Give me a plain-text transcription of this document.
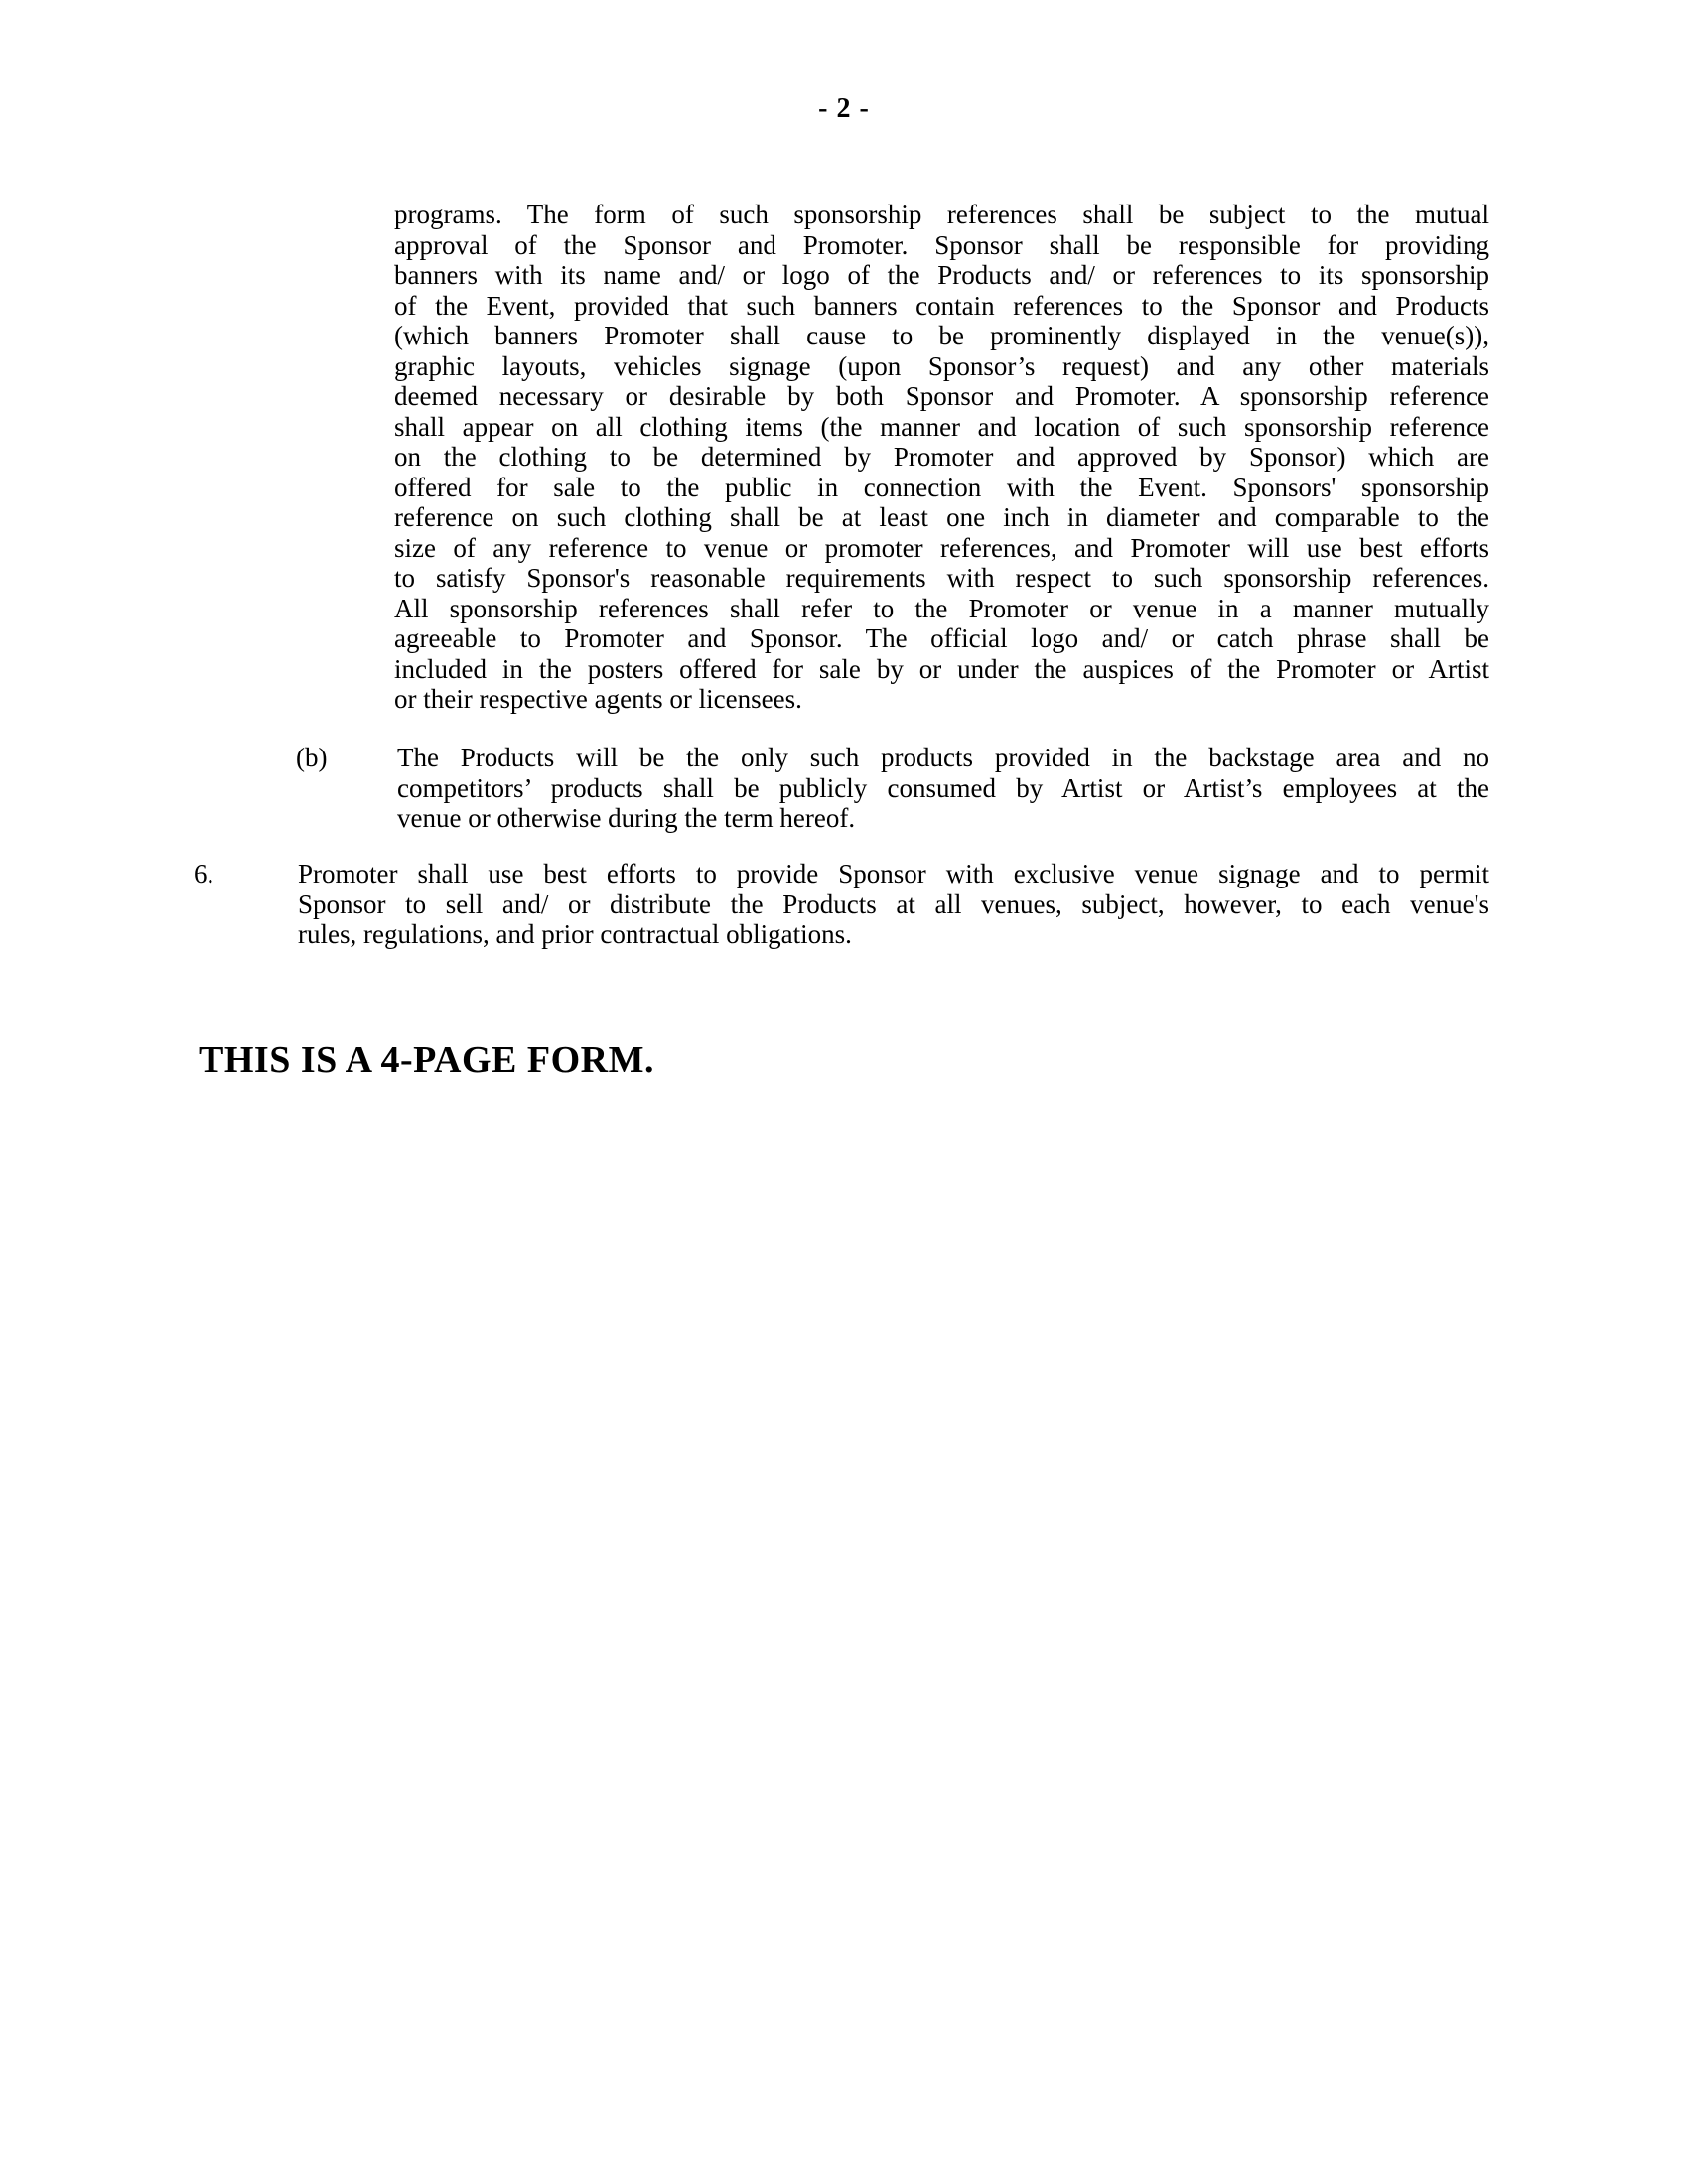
- 2 -
programs. The form of such sponsorship references shall be subject to the mutual
approval of the Sponsor and Promoter. Sponsor shall be responsible for providing
banners with its name and/ or logo of the Products and/ or references to its sponsorship
of the Event, provided that such banners contain references to the Sponsor and Products
(which banners Promoter shall cause to be prominently displayed in the venue(s)),
graphic layouts, vehicles signage (upon Sponsor’s request) and any other materials
deemed necessary or desirable by both Sponsor and Promoter. A sponsorship reference
shall appear on all clothing items (the manner and location of such sponsorship reference
on the clothing to be determined by Promoter and approved by Sponsor) which are
offered for sale to the public in connection with the Event. Sponsors' sponsorship
reference on such clothing shall be at least one inch in diameter and comparable to the
size of any reference to venue or promoter references, and Promoter will use best efforts
to satisfy Sponsor's reasonable requirements with respect to such sponsorship references.
All sponsorship references shall refer to the Promoter or venue in a manner mutually
agreeable to Promoter and Sponsor. The official logo and/ or catch phrase shall be
included in the posters offered for sale by or under the auspices of the Promoter or Artist
or their respective agents or licensees.
(b)	The Products will be the only such products provided in the backstage area and no
competitors’ products shall be publicly consumed by Artist or Artist’s employees at the
venue or otherwise during the term hereof.
6.	Promoter shall use best efforts to provide Sponsor with exclusive venue signage and to permit
Sponsor to sell and/ or distribute the Products at all venues, subject, however, to each venue's
rules, regulations, and prior contractual obligations.
THIS IS A 4-PAGE FORM.
